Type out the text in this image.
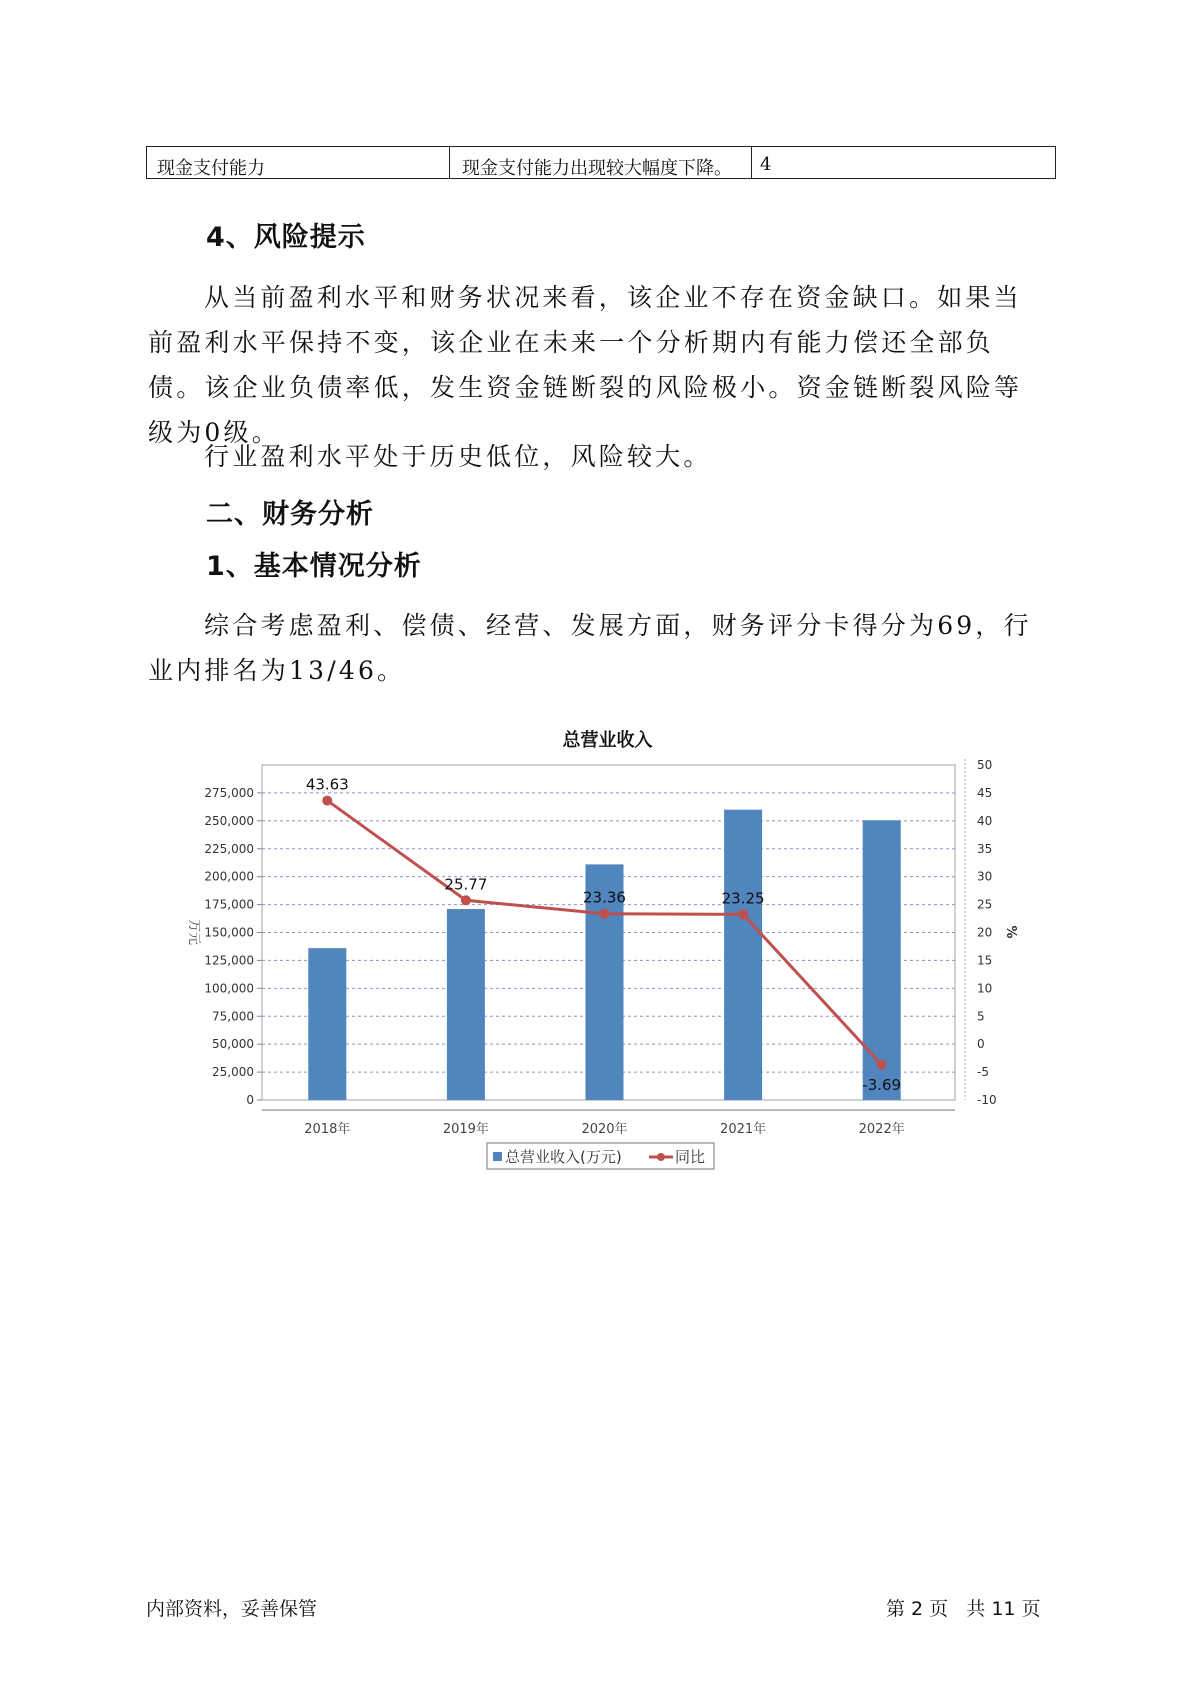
现金支付能力	现金支付能力出现较大幅度下降。	4
4、风险提示

从当前盈利水平和财务状况来看，该企业不存在资金缺口。如果当前盈利水平保持不变，该企业在未来一个分析期内有能力偿还全部负债。该企业负债率低，发生资金链断裂的风险极小。资金链断裂风险等级为0级。

行业盈利水平处于历史低位，风险较大。

二、财务分析
1、基本情况分析

综合考虑盈利、偿债、经营、发展方面，财务评分卡得分为69，行业内排名为13/46。

总营业收入
0
25,000
50,000
75,000
100,000
125,000
150,000
175,000
200,000
225,000
250,000
275,000
-10
-5
0
5
10
15
20
25
30
35
40
45
50
万元	%
2018年	2019年	2020年	2021年	2022年
43.63
25.77
23.36	23.25
-3.69
总营业收入(万元)	同比
内部资料，妥善保管	第 2 页   共 11 页
